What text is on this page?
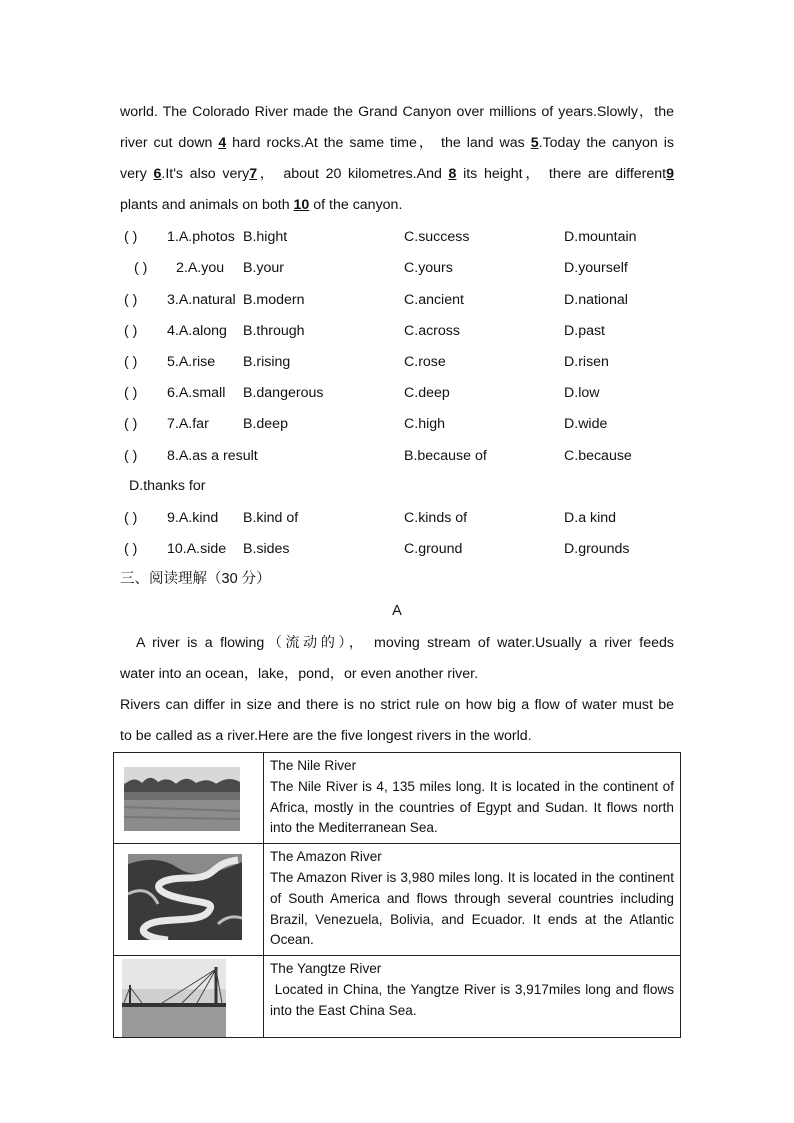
world. The Colorado River made the Grand Canyon over millions of years.Slowly，the
river cut down 4 hard rocks.At the same time， the land was 5.Today the canyon is
very 6.It's also very7， about 20 kilometres.And 8 its height， there are different9
plants and animals on both 10 of the canyon.
( ) 1.A.photos B.hight	C.success	D.mountain
( ) 2.A.you B.your	C.yours	D.yourself
( ) 3.A.natural B.modern	C.ancient	D.national
( ) 4.A.along B.through	C.across	D.past
( ) 5.A.rise B.rising	C.rose	D.risen
( ) 6.A.small B.dangerous	C.deep	D.low
( ) 7.A.far B.deep	C.high	D.wide
( ) 8.A.as a result	B.because of	C.because
D.thanks for
( ) 9.A.kind B.kind of	C.kinds of	D.a kind
( ) 10.A.side B.sides	C.ground	D.grounds
三、阅读理解（30 分）
A
A river is a flowing（流动的）， moving stream of water.Usually a river feeds
water into an ocean，lake，pond，or even another river.
Rivers can differ in size and there is no strict rule on how big a flow of water must be
to be called as a river.Here are the five longest rivers in the world.

The Nile River
The Nile River is 4, 135 miles long. It is located in the continent of Africa, mostly in the countries of Egypt and Sudan. It flows north into the Mediterranean Sea.

The Amazon River
The Amazon River is 3,980 miles long. It is located in the continent of South America and flows through several countries including Brazil, Venezuela, Bolivia, and Ecuador. It ends at the Atlantic Ocean.

The Yangtze River
Located in China, the Yangtze River is 3,917miles long and flows into the East China Sea.
